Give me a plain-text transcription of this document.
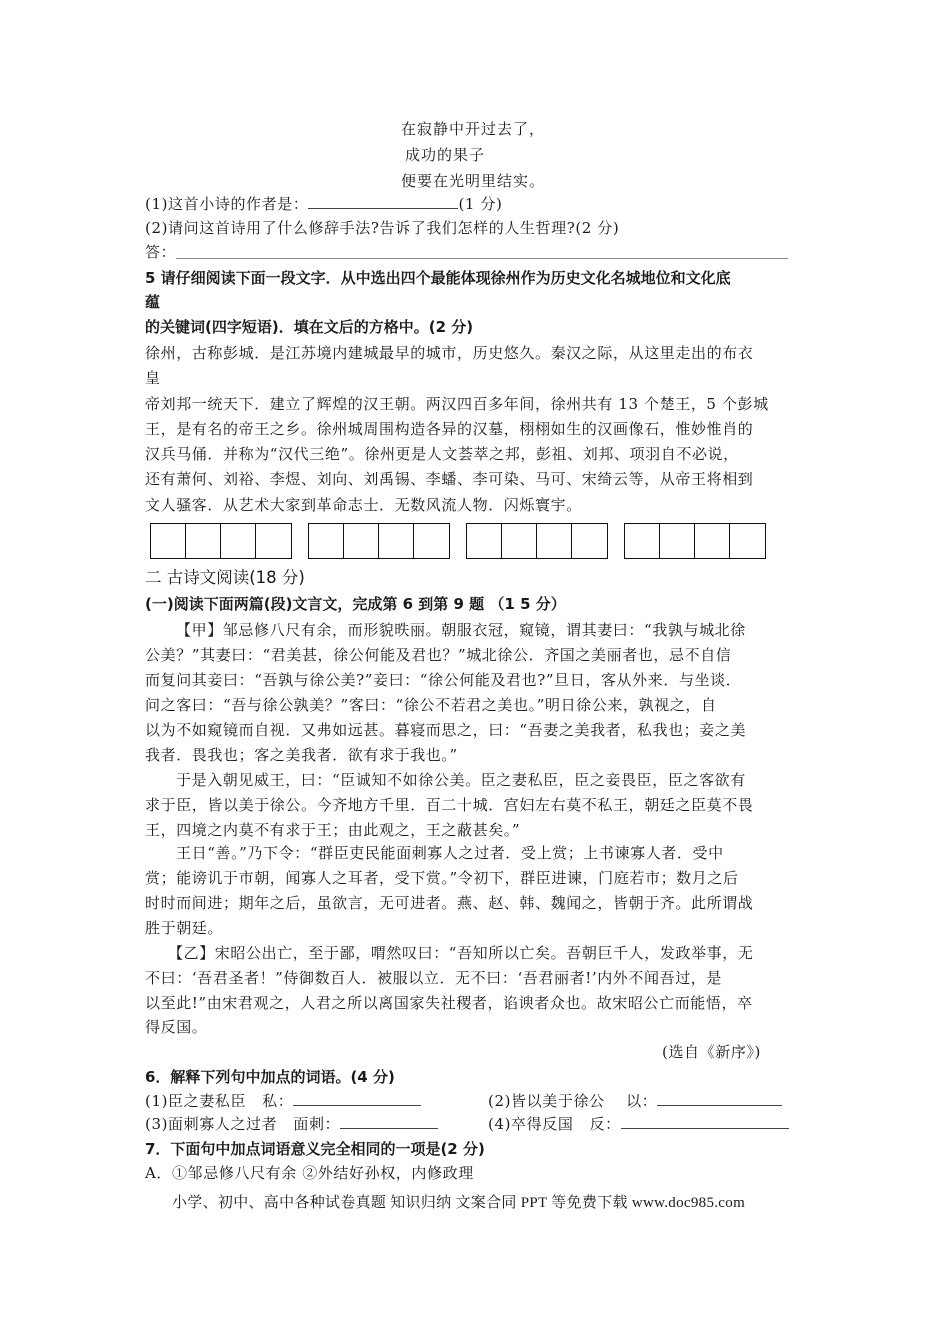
在寂静中开过去了，
成功的果子
便要在光明里结实。
(1)这首小诗的作者是：	(1 分)
(2)请问这首诗用了什么修辞手法?告诉了我们怎样的人生哲理?(2 分)
答：
5 请仔细阅读下面一段文字．从中选出四个最能体现徐州作为历史文化名城地位和文化底
蕴
的关键词(四字短语)．填在文后的方格中。(2 分)
徐州，古称彭城．是江苏境内建城最早的城市，历史悠久。秦汉之际，从这里走出的布衣
皇
帝刘邦一统天下．建立了辉煌的汉王朝。两汉四百多年间，徐州共有 13 个楚王，5 个彭城
王，是有名的帝王之乡。徐州城周围构造各异的汉墓，栩栩如生的汉画像石，惟妙惟肖的
汉兵马俑．并称为“汉代三绝”。徐州更是人文荟萃之邦，彭祖、刘邦、项羽自不必说，
还有萧何、刘裕、李煜、刘向、刘禹锡、李蟠、李可染、马可、宋绮云等，从帝王将相到
文人骚客．从艺术大家到革命志士．无数风流人物．闪烁寰宇。
二 古诗文阅读(18 分)
(一)阅读下面两篇(段)文言文，完成第 6 到第 9 题 （1 5 分）
【甲】邹忌修八尺有余，而形貌昳丽。朝服衣冠，窥镜，谓其妻曰：“我孰与城北徐
公美？”其妻曰：“君美甚，徐公何能及君也？”城北徐公．齐国之美丽者也，忌不自信
而复问其妾曰：“吾孰与徐公美?”妾曰：“徐公何能及君也?”旦日，客从外来．与坐谈．
问之客曰：“吾与徐公孰美？”客曰：“徐公不若君之美也。”明日徐公来，孰视之，自
以为不如窥镜而自视．又弗如远甚。暮寝而思之，曰：“吾妻之美我者，私我也；妾之美
我者．畏我也；客之美我者．欲有求于我也。”
于是入朝见威王，曰：“臣诚知不如徐公美。臣之妻私臣，臣之妾畏臣，臣之客欲有
求于臣，皆以美于徐公。今齐地方千里．百二十城．宫妇左右莫不私王，朝廷之臣莫不畏
王，四境之内莫不有求于王；由此观之，王之蔽甚矣。”
王日“善。”乃下令：“群臣吏民能面刺寡人之过者．受上赏；上书谏寡人者．受中
赏；能谤讥于市朝，闻寡人之耳者，受下赏。”令初下，群臣进谏，门庭若市；数月之后
时时而间进；期年之后，虽欲言，无可进者。燕、赵、韩、魏闻之，皆朝于齐。此所谓战
胜于朝廷。
【乙】宋昭公出亡，至于鄙，喟然叹曰：“吾知所以亡矣。吾朝巨千人，发政举事，无
不曰：‘吾君圣者！”侍御数百人．被服以立．无不曰：‘吾君丽者!’内外不闻吾过，是
以至此!”由宋君观之，人君之所以离国家失社稷者，谄谀者众也。故宋昭公亡而能悟，卒
得反国。
(选自《新序》)
6．解释下列句中加点的词语。(4 分)
(1)臣之妻私臣 私：	(2)皆以美于徐公 以：
(3)面刺寡人之过者 面刺：	(4)卒得反国 反：
7．下面句中加点词语意义完全相同的一项是(2 分)
A．①邹忌修八尺有余 ②外结好孙权，内修政理
小学、初中、高中各种试卷真题 知识归纳 文案合同 PPT 等免费下载 www.doc985.com
